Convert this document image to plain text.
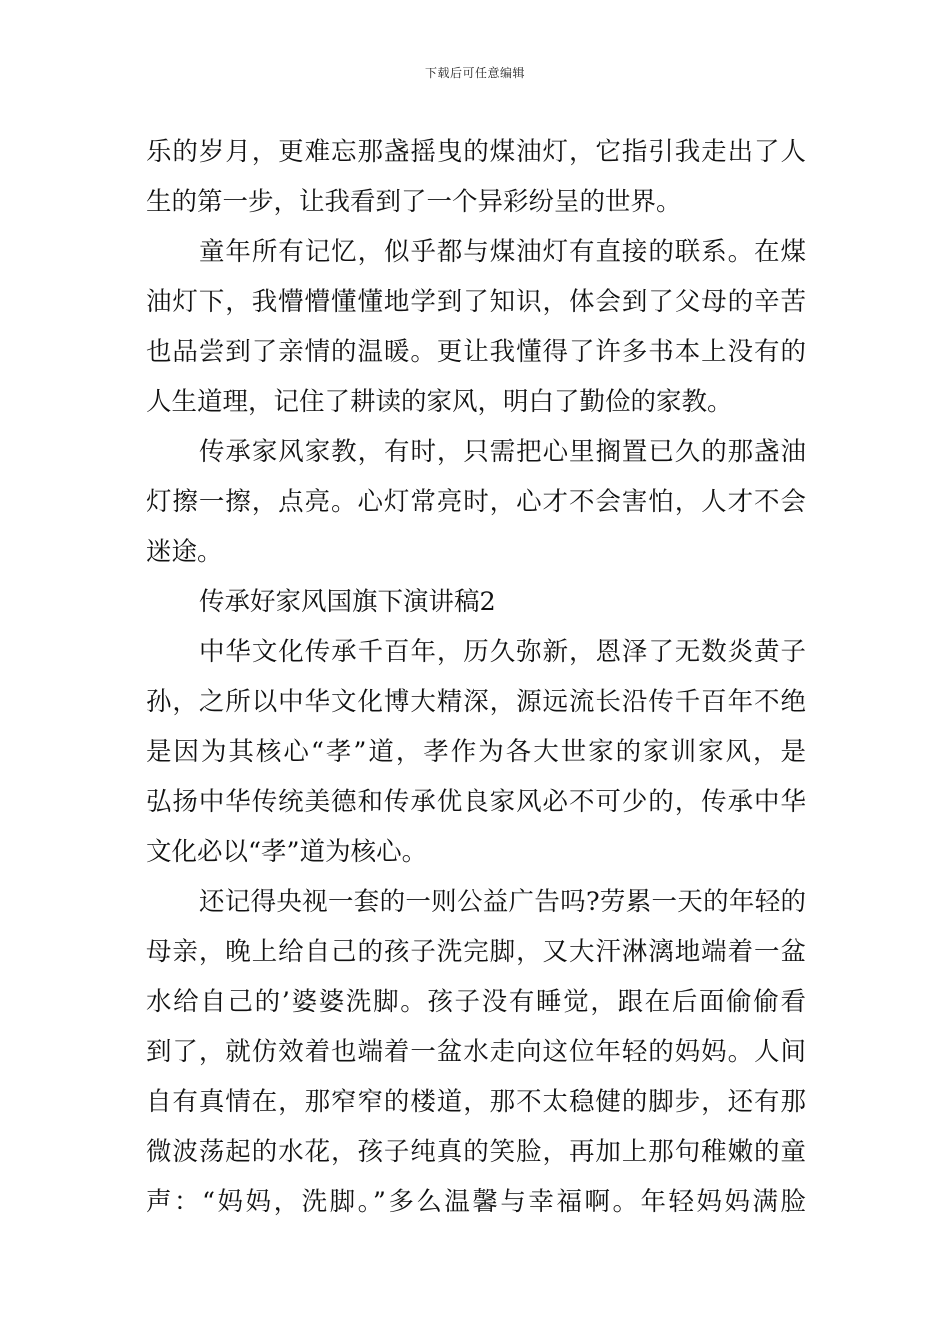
下载后可任意编辑
乐的岁月，更难忘那盏摇曳的煤油灯，它指引我走出了人
生的第一步，让我看到了一个异彩纷呈的世界。
童年所有记忆，似乎都与煤油灯有直接的联系。在煤
油灯下，我懵懵懂懂地学到了知识，体会到了父母的辛苦
也品尝到了亲情的温暖。更让我懂得了许多书本上没有的
人生道理，记住了耕读的家风，明白了勤俭的家教。
传承家风家教，有时，只需把心里搁置已久的那盏油
灯擦一擦，点亮。心灯常亮时，心才不会害怕，人才不会
迷途。
传承好家风国旗下演讲稿2
中华文化传承千百年，历久弥新，恩泽了无数炎黄子
孙，之所以中华文化博大精深，源远流长沿传千百年不绝
是因为其核心“孝”道，孝作为各大世家的家训家风，是
弘扬中华传统美德和传承优良家风必不可少的，传承中华
文化必以“孝”道为核心。
还记得央视一套的一则公益广告吗?劳累一天的年轻的
母亲，晚上给自己的孩子洗完脚，又大汗淋漓地端着一盆
水给自己的’婆婆洗脚。孩子没有睡觉，跟在后面偷偷看
到了，就仿效着也端着一盆水走向这位年轻的妈妈。人间
自有真情在，那窄窄的楼道，那不太稳健的脚步，还有那
微波荡起的水花，孩子纯真的笑脸，再加上那句稚嫩的童
声：“妈妈，洗脚。”多么温馨与幸福啊。年轻妈妈满脸
